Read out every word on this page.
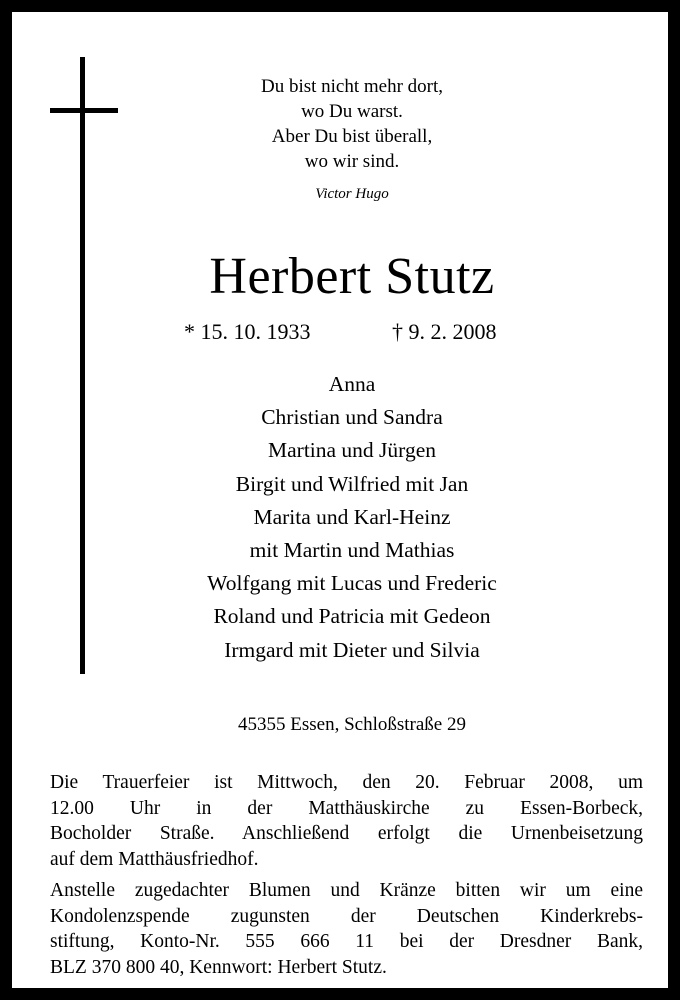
Du bist nicht mehr dort,
wo Du warst.
Aber Du bist überall,
wo wir sind.
Victor Hugo
Herbert Stutz
* 15. 10. 1933	† 9. 2. 2008
Anna
Christian und Sandra
Martina und Jürgen
Birgit und Wilfried mit Jan
Marita und Karl-Heinz
mit Martin und Mathias
Wolfgang mit Lucas und Frederic
Roland und Patricia mit Gedeon
Irmgard mit Dieter und Silvia
45355 Essen, Schloßstraße 29
Die Trauerfeier ist Mittwoch, den 20. Februar 2008, um
12.00 Uhr in der Matthäuskirche zu Essen-Borbeck,
Bocholder Straße. Anschließend erfolgt die Urnenbeisetzung
auf dem Matthäusfriedhof.
Anstelle zugedachter Blumen und Kränze bitten wir um eine
Kondolenzspende zugunsten der Deutschen Kinderkrebs-
stiftung, Konto-Nr. 555 666 11 bei der Dresdner Bank,
BLZ 370 800 40, Kennwort: Herbert Stutz.
